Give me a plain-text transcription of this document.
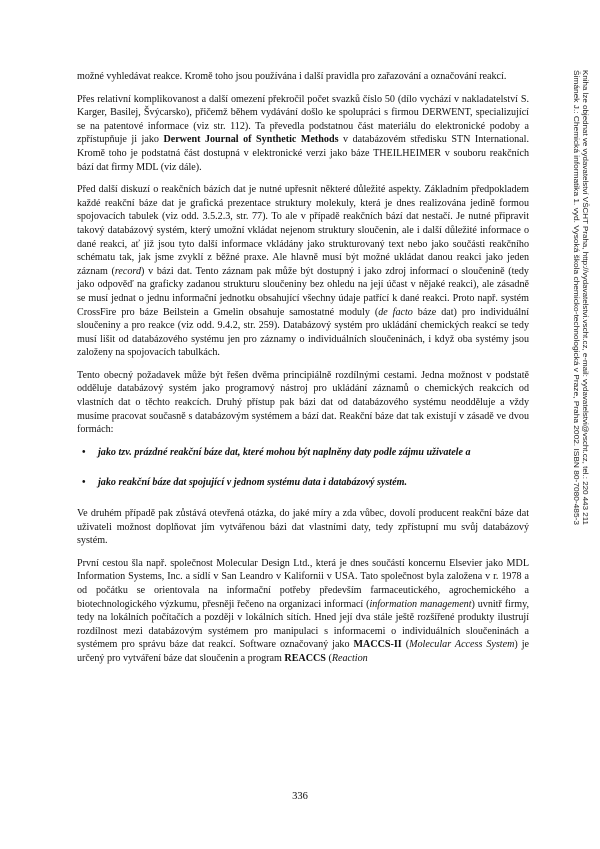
možné vyhledávat reakce. Kromě toho jsou používána i další pravidla pro zařazování a označování reakcí.

Přes relativní komplikovanost a další omezení překročil počet svazků číslo 50 (dílo vychází v nakladatelství S. Karger, Basilej, Švýcarsko), přičemž během vydávání došlo ke spolupráci s firmou DERWENT, specializující se na patentové informace (viz str. 112). Ta převedla podstatnou část materiálu do elektronické podoby a zpřístupňuje ji jako Derwent Journal of Synthetic Methods v databázovém středisku STN International. Kromě toho je podstatná část dostupná v elektronické verzi jako báze THEILHEIMER v souboru reakčních bází dat firmy MDL (viz dále).

Před další diskuzí o reakčních bázích dat je nutné upřesnit některé důležité aspekty. Základním předpokladem každé reakční báze dat je grafická prezentace struktury molekuly, která je dnes realizována jedině formou spojovacích tabulek (viz odd. 3.5.2.3, str. 77). To ale v případě reakčních bází dat nestačí. Je nutné připravit takový databázový systém, který umožní vkládat nejenom struktury sloučenin, ale i další důležité informace o dané reakci, ať již jsou tyto další informace vkládány jako strukturovaný text nebo jako součásti reakčního schématu tak, jak jsme zvyklí z běžné praxe. Ale hlavně musí být možné ukládat danou reakci jako jeden záznam (record) v bázi dat. Tento záznam pak může být dostupný i jako zdroj informací o sloučenině (tedy jako odpověď na graficky zadanou strukturu sloučeniny bez ohledu na její účast v nějaké reakci), ale zásadně se musí jednat o jednu informační jednotku obsahující všechny údaje patřící k dané reakci. Proto např. systém CrossFire pro báze Beilstein a Gmelin obsahuje samostatné moduly (de facto báze dat) pro individuální sloučeniny a pro reakce (viz odd. 9.4.2, str. 259). Databázový systém pro ukládání chemických reakcí se tedy musí lišit od databázového systému jen pro záznamy o individuálních sloučeninách, i když oba systémy jsou založeny na spojovacích tabulkách.

Tento obecný požadavek může být řešen dvěma principiálně rozdílnými cestami. Jedna možnost v podstatě odděluje databázový systém jako programový nástroj pro ukládání záznamů o chemických reakcích od vlastních dat o těchto reakcích. Druhý přístup pak bázi dat od databázového systému neodděluje a vždy musíme pracovat současně s databázovým systémem a bází dat. Reakční báze dat tak existují v zásadě ve dvou formách:

• jako tzv. prázdné reakční báze dat, které mohou být naplněny daty podle zájmu uživatele a
• jako reakční báze dat spojující v jednom systému data i databázový systém.

Ve druhém případě pak zůstává otevřená otázka, do jaké míry a zda vůbec, dovolí producent reakční báze dat uživateli možnost doplňovat jím vytvářenou bázi dat vlastními daty, tedy zpřístupní mu svůj databázový systém.

První cestou šla např. společnost Molecular Design Ltd., která je dnes součástí koncernu Elsevier jako MDL Information Systems, Inc. a sídlí v San Leandro v Kalifornii v USA. Tato společnost byla založena v r. 1978 a od počátku se orientovala na informační potřeby především farmaceutického, agrochemického a biotechnologického výzkumu, přesněji řečeno na organizaci informací (information management) uvnitř firmy, tedy na lokálních počítačích a později v lokálních sítích. Hned její dva stále ještě rozšířené produkty ilustrují rozdílnost mezi databázovým systémem pro manipulaci s informacemi o individuálních sloučeninách a systémem pro správu báze dat reakcí. Software označovaný jako MACCS-II (Molecular Access System) je určený pro vytváření báze dat sloučenin a program REACCS (Reaction

336
Šimánek J.: Chemická informatika 1. vyd. Vysoká škola chemicko-technologická v Praze, Praha 2002. ISBN 80-7080-485-3 Kniha lze objednat ve vydavatelství VŠCHT Praha, http://vydavatelstvi.vscht.cz, e-mail: vydavatelstvi@vscht.cz, tel.: 220 443 211
